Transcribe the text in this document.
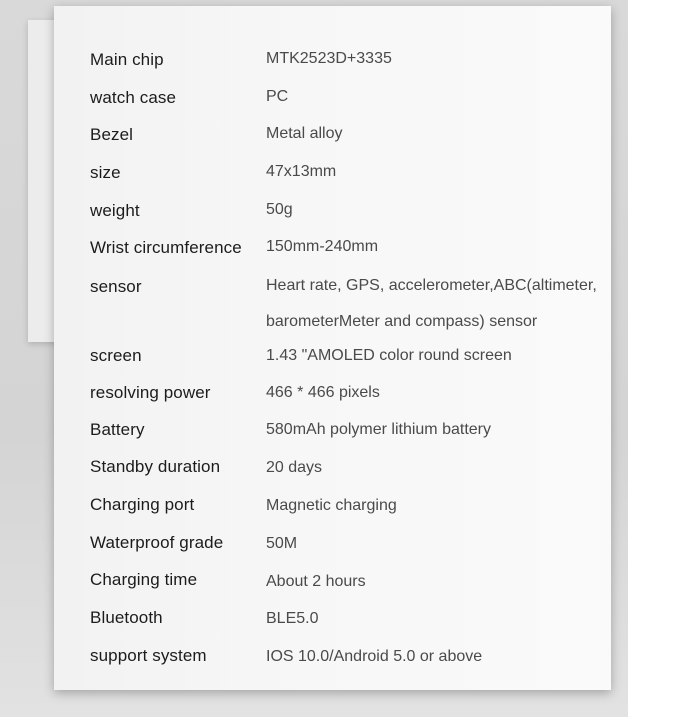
Main chip	MTK2523D+3335
watch case	PC
Bezel	Metal alloy
size	47x13mm
weight	50g
Wrist circumference 150mm-240mm
sensor	Heart rate, GPS, accelerometer,ABC(altimeter,
barometerMeter and compass) sensor
screen	1.43 "AMOLED color round screen
resolving power	466 * 466 pixels
Battery	580mAh polymer lithium battery
Standby duration	20 days
Charging port	Magnetic charging
Waterproof grade	50M
Charging time	About 2 hours
Bluetooth	BLE5.0
support system	IOS 10.0/Android 5.0 or above
